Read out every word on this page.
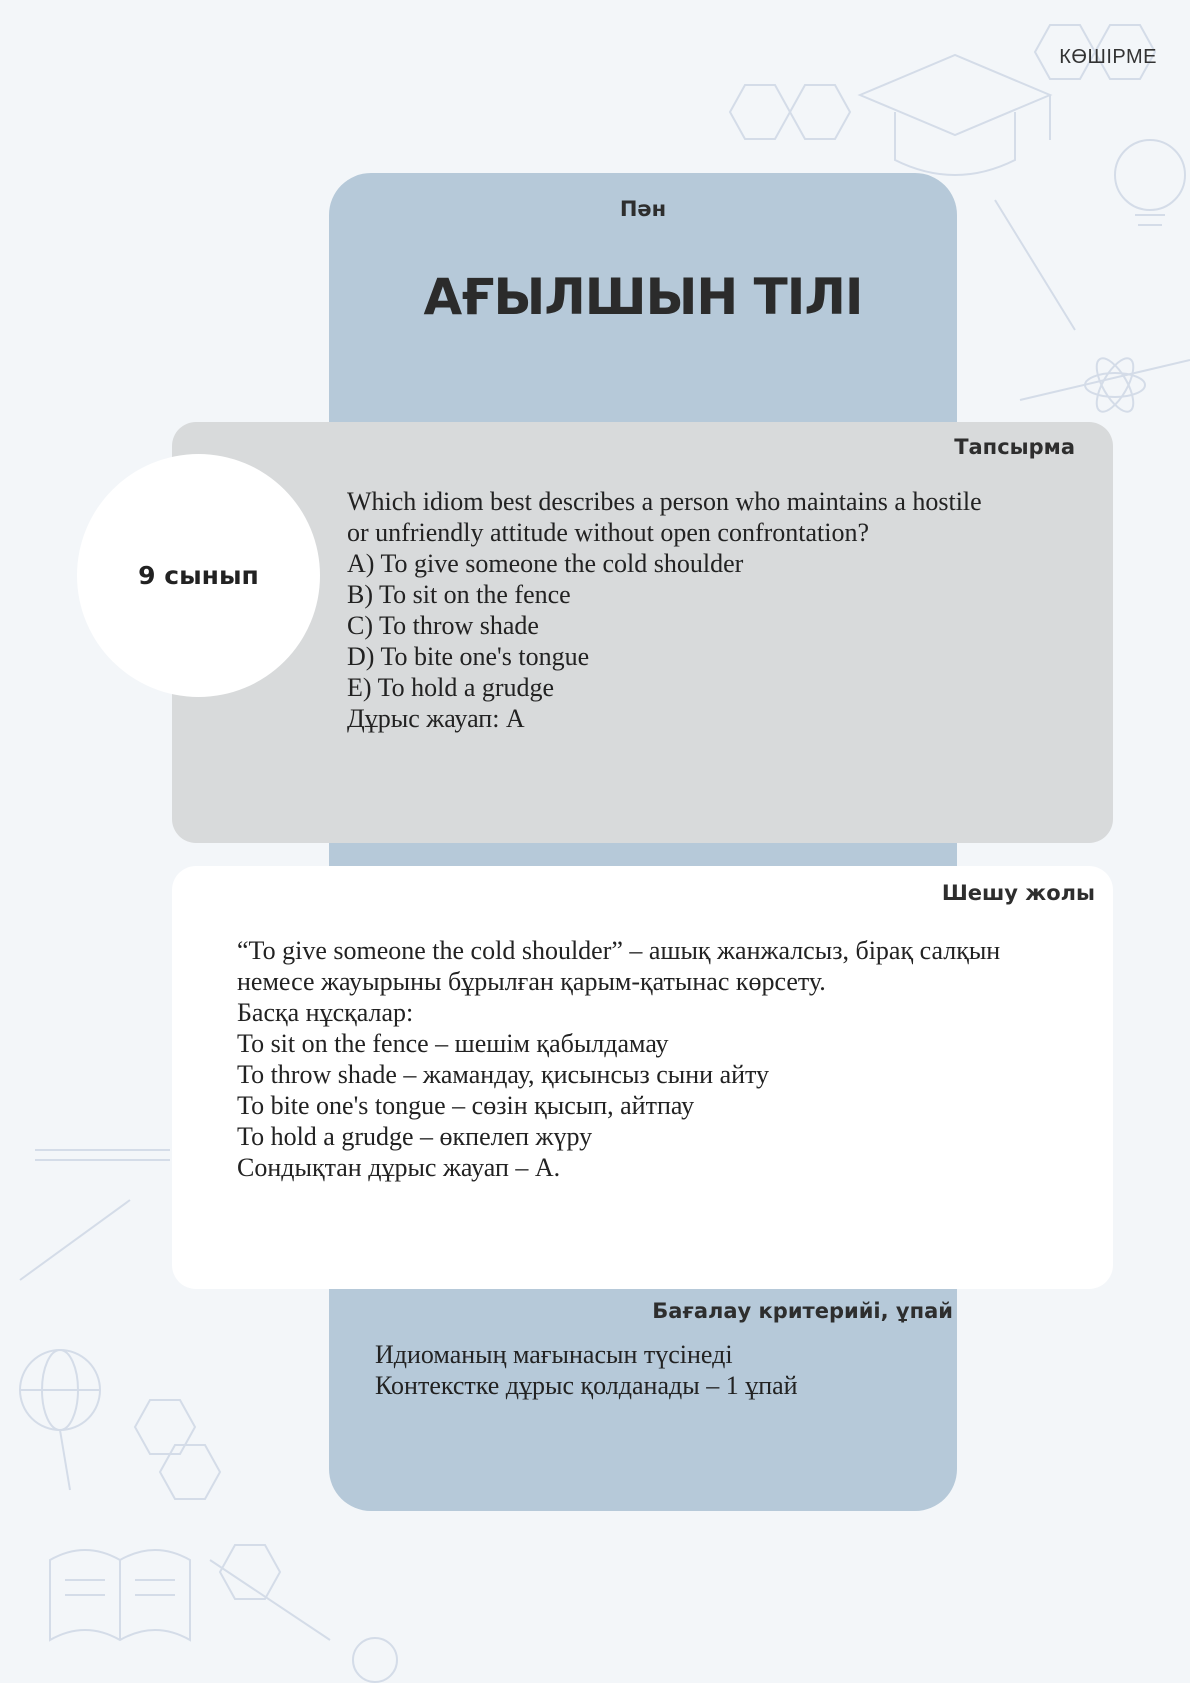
КӨШІРМЕ
Пән
АҒЫЛШЫН ТІЛІ
Тапсырма
9 сынып
Which idiom best describes a person who maintains a hostile
or unfriendly attitude without open confrontation?
A) To give someone the cold shoulder
B) To sit on the fence
C) To throw shade
D) To bite one's tongue
E) To hold a grudge
Дұрыс жауап: A
Шешу жолы
“To give someone the cold shoulder” – ашық жанжалсыз, бірақ салқын
немесе жауырыны бұрылған қарым-қатынас көрсету.
Басқа нұсқалар:
To sit on the fence – шешім қабылдамау
To throw shade – жамандау, қисынсыз сыни айту
To bite one's tongue – сөзін қысып, айтпау
To hold a grudge – өкпелеп жүру
Сондықтан дұрыс жауап – A.
Бағалау критерийі, ұпай
Идиоманың мағынасын түсінеді
Контекстке дұрыс қолданады – 1 ұпай
